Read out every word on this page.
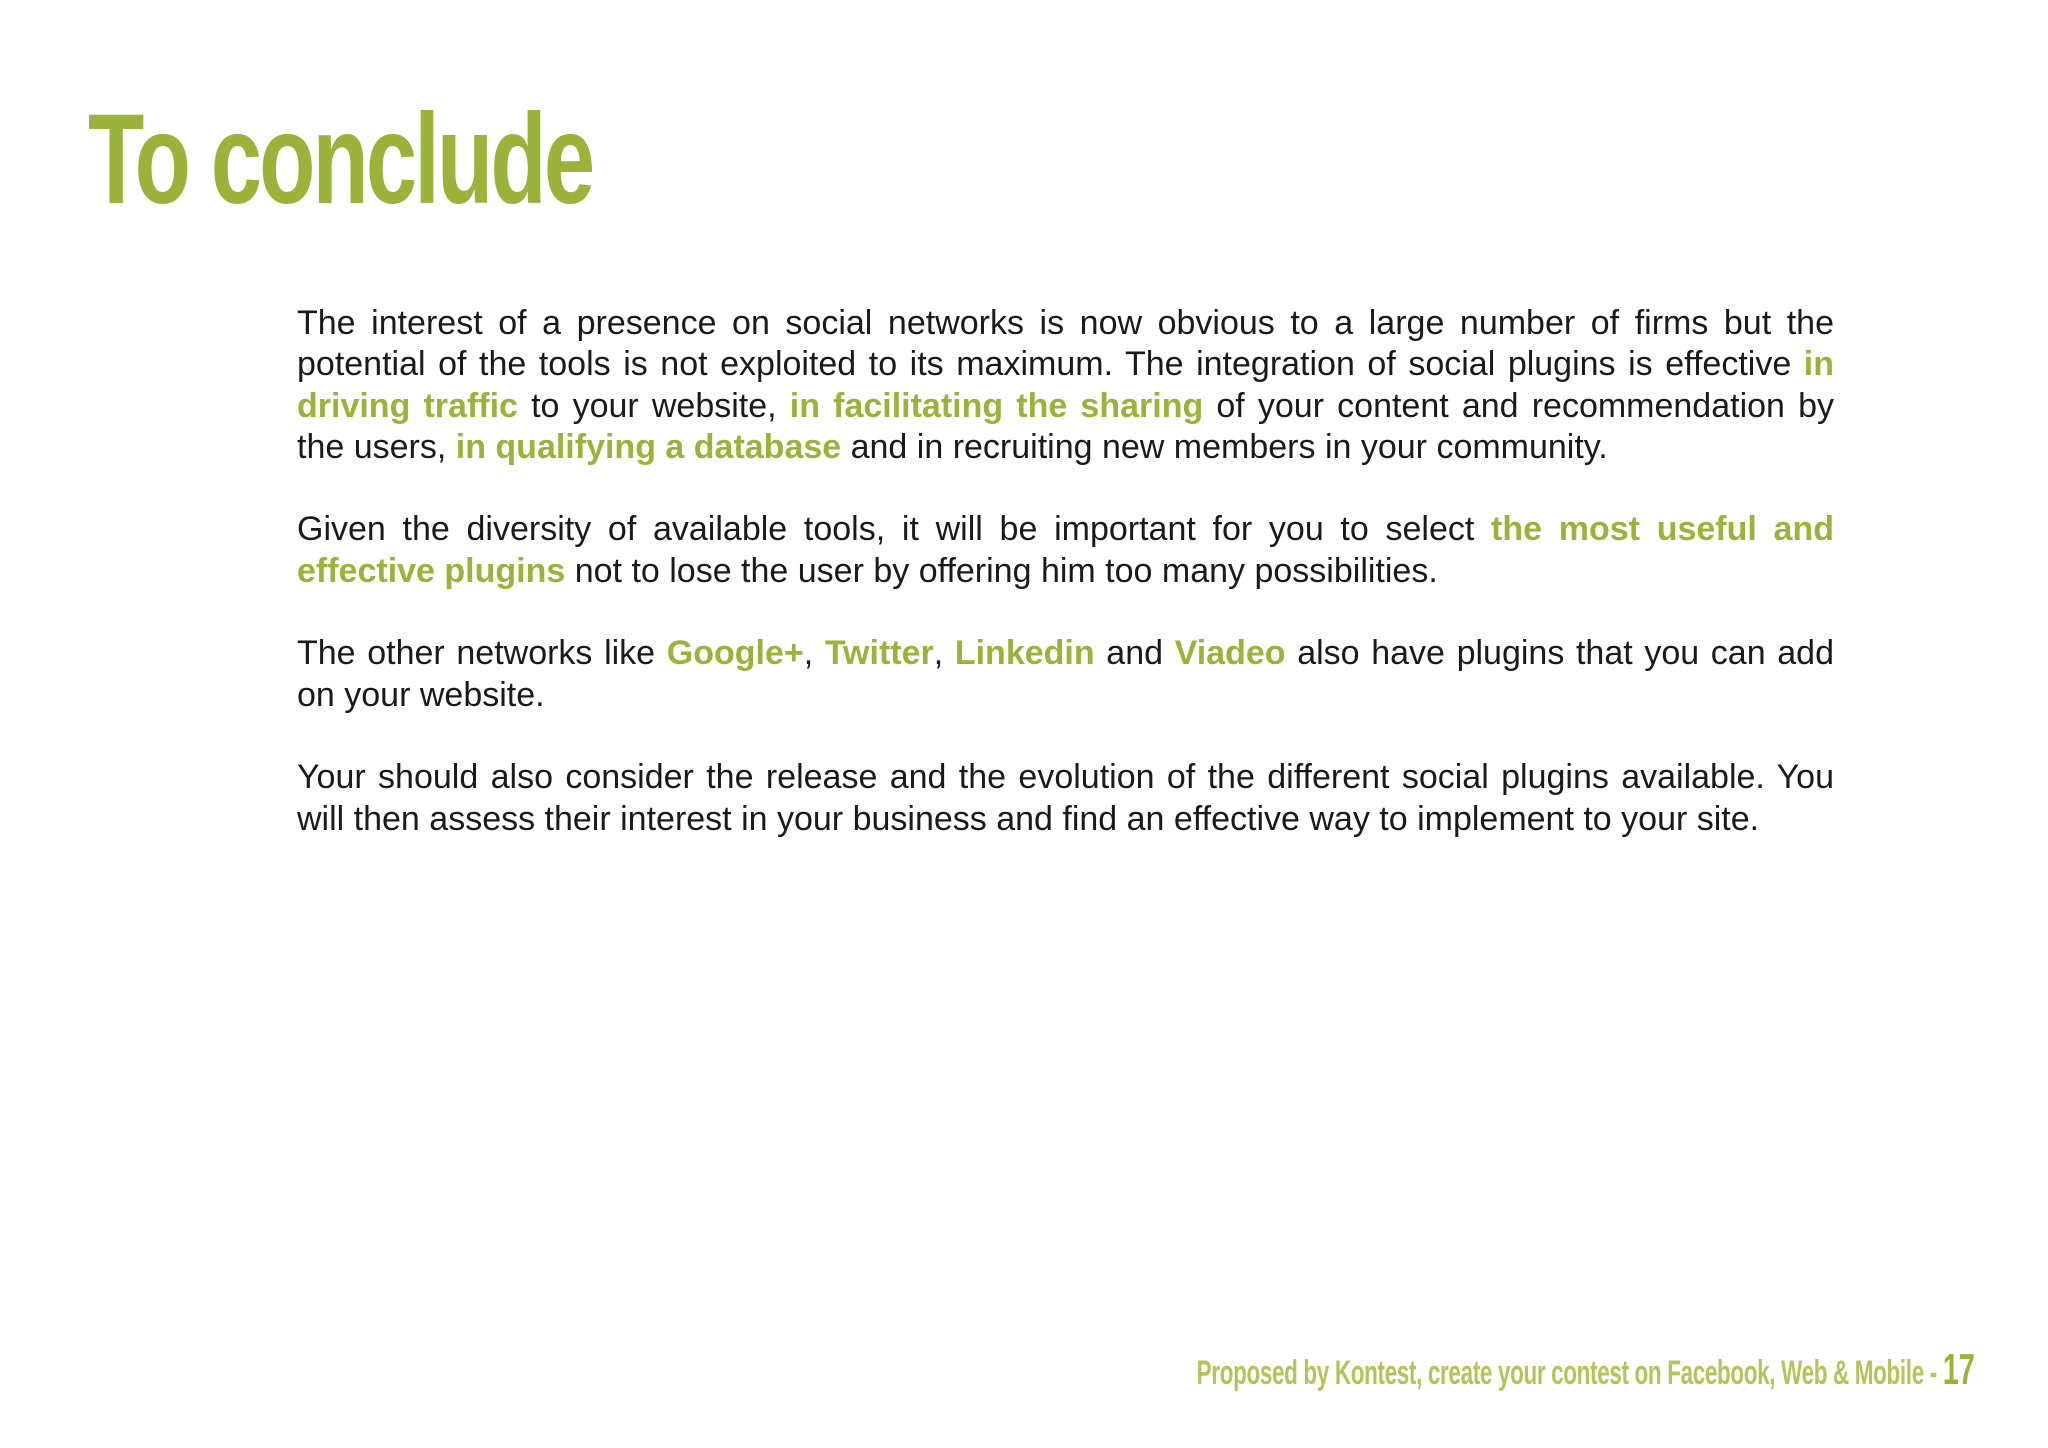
To conclude

The interest of a presence on social networks is now obvious to a large number of firms but the potential of the tools is not exploited to its maximum. The integration of social plugins is effective in driving traffic to your website, in facilitating the sharing of your content and recommendation by the users, in qualifying a database and in recruiting new members in your community.

Given the diversity of available tools, it will be important for you to select the most useful and effective plugins not to lose the user by offering him too many possibilities.

The other networks like Google+, Twitter, Linkedin and Viadeo also have plugins that you can add on your website.

Your should also consider the release and the evolution of the different social plugins available. You will then assess their interest in your business and find an effective way to implement to your site.

Proposed by Kontest, create your contest on Facebook, Web & Mobile - 17
